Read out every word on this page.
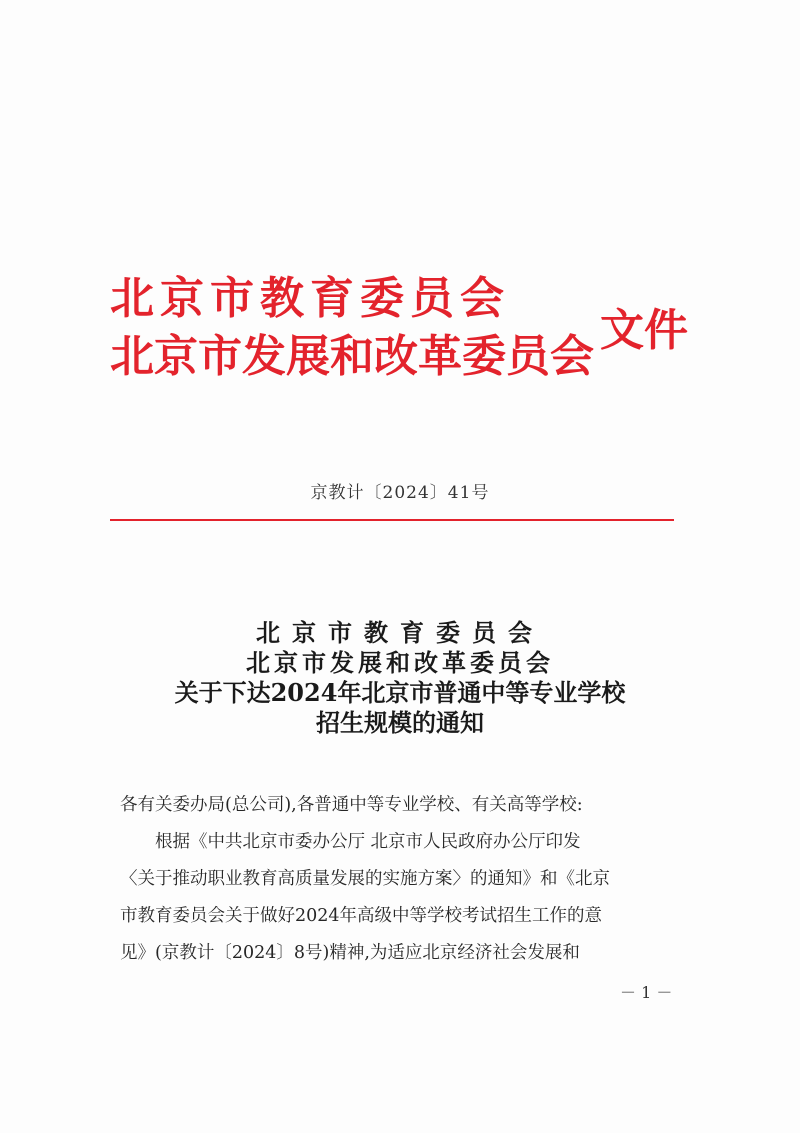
北京市教育委员会
北京市发展和改革委员会
文件
京教计〔2024〕41号
北京市教育委员会
北京市发展和改革委员会
关于下达2024年北京市普通中等专业学校
招生规模的通知

各有关委办局(总公司),各普通中等专业学校、有关高等学校:

根据《中共北京市委办公厅 北京市人民政府办公厅印发

〈关于推动职业教育高质量发展的实施方案〉的通知》和《北京

市教育委员会关于做好2024年高级中等学校考试招生工作的意

见》(京教计〔2024〕8号)精神,为适应北京经济社会发展和

－ 1 －
